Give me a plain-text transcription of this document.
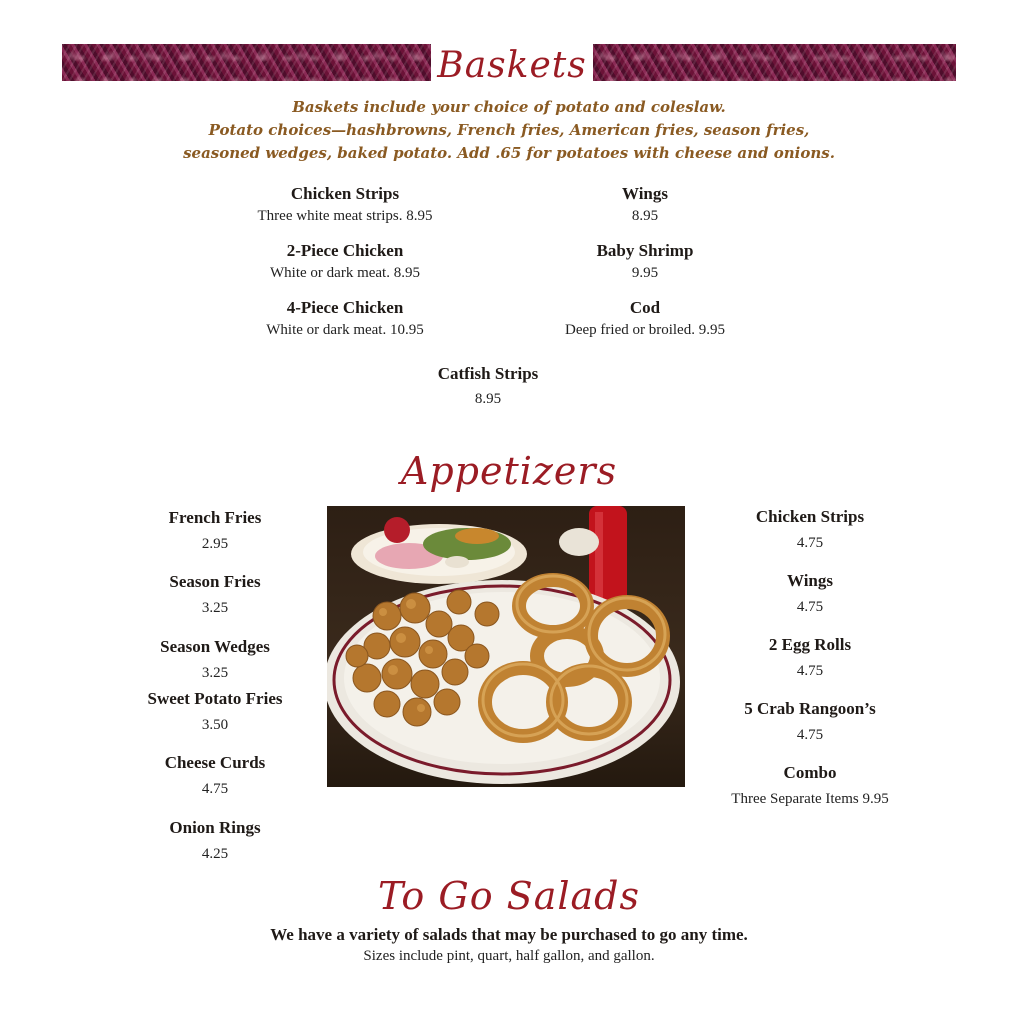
Baskets
Baskets include your choice of potato and coleslaw.
Potato choices—hashbrowns, French fries, American fries, season fries,
seasoned wedges, baked potato. Add .65 for potatoes with cheese and onions.
Chicken Strips
Three white meat strips. 8.95
Wings
8.95
2-Piece Chicken
White or dark meat. 8.95
Baby Shrimp
9.95
4-Piece Chicken
White or dark meat. 10.95
Cod
Deep fried or broiled. 9.95
Catfish Strips
8.95
Appetizers
French Fries
2.95
Season Fries
3.25
Season Wedges
3.25
Sweet Potato Fries
3.50
Cheese Curds
4.75
Onion Rings
4.25
Chicken Strips
4.75
Wings
4.75
2 Egg Rolls
4.75
5 Crab Rangoon’s
4.75
Combo
Three Separate Items 9.95
To Go Salads
We have a variety of salads that may be purchased to go any time.
Sizes include pint, quart, half gallon, and gallon.
